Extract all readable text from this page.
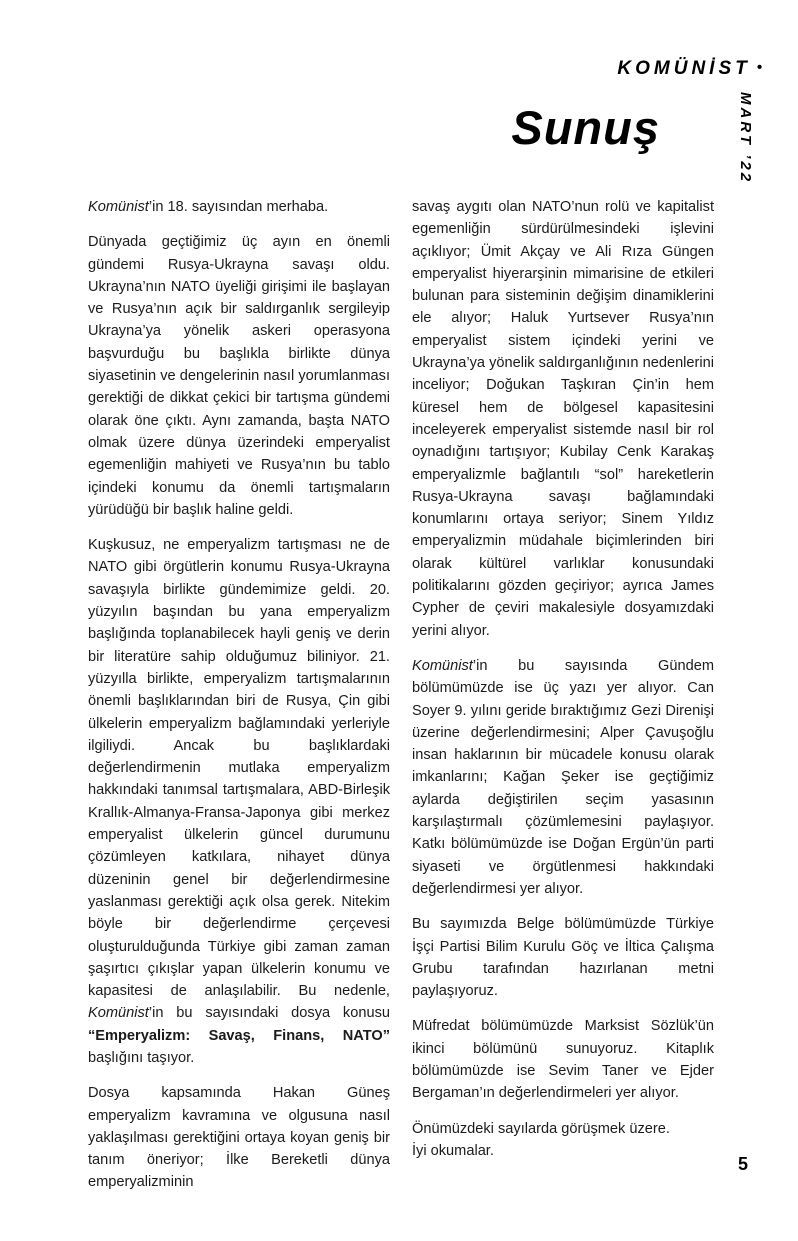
KOMÜNİST •
MART ’22
Sunuş

Komünist’in 18. sayısından merhaba.

Dünyada geçtiğimiz üç ayın en önemli gündemi Rusya-Ukrayna savaşı oldu. Ukrayna’nın NATO üyeliği girişimi ile başlayan ve Rusya’nın açık bir saldırganlık sergileyip Ukrayna’ya yönelik askeri operasyona başvurduğu bu başlıkla birlikte dünya siyasetinin ve dengelerinin nasıl yorumlanması gerektiği de dikkat çekici bir tartışma gündemi olarak öne çıktı. Aynı zamanda, başta NATO olmak üzere dünya üzerindeki emperyalist egemenliğin mahiyeti ve Rusya’nın bu tablo içindeki konumu da önemli tartışmaların yürüdüğü bir başlık haline geldi.

Kuşkusuz, ne emperyalizm tartışması ne de NATO gibi örgütlerin konumu Rusya-Ukrayna savaşıyla birlikte gündemimize geldi. 20. yüzyılın başından bu yana emperyalizm başlığında toplanabilecek hayli geniş ve derin bir literatüre sahip olduğumuz biliniyor. 21. yüzyılla birlikte, emperyalizm tartışmalarının önemli başlıklarından biri de Rusya, Çin gibi ülkelerin emperyalizm bağlamındaki yerleriyle ilgiliydi. Ancak bu başlıklardaki değerlendirmenin mutlaka emperyalizm hakkındaki tanımsal tartışmalara, ABD-Birleşik Krallık-Almanya-Fransa-Japonya gibi merkez emperyalist ülkelerin güncel durumunu çözümleyen katkılara, nihayet dünya düzeninin genel bir değerlendirmesine yaslanması gerektiği açık olsa gerek. Nitekim böyle bir değerlendirme çerçevesi oluşturulduğunda Türkiye gibi zaman zaman şaşırtıcı çıkışlar yapan ülkelerin konumu ve kapasitesi de anlaşılabilir. Bu nedenle, Komünist’in bu sayısındaki dosya konusu “Emperyalizm: Savaş, Finans, NATO” başlığını taşıyor.

Dosya kapsamında Hakan Güneş emperyalizm kavramına ve olgusuna nasıl yaklaşılması gerektiğini ortaya koyan geniş bir tanım öneriyor; İlke Bereketli dünya emperyalizminin

savaş aygıtı olan NATO’nun rolü ve kapitalist egemenliğin sürdürülmesindeki işlevini açıklıyor; Ümit Akçay ve Ali Rıza Güngen emperyalist hiyerarşinin mimarisine de etkileri bulunan para sisteminin değişim dinamiklerini ele alıyor; Haluk Yurtsever Rusya’nın emperyalist sistem içindeki yerini ve Ukrayna’ya yönelik saldırganlığının nedenlerini inceliyor; Doğukan Taşkıran Çin’in hem küresel hem de bölgesel kapasitesini inceleyerek emperyalist sistemde nasıl bir rol oynadığını tartışıyor; Kubilay Cenk Karakaş emperyalizmle bağlantılı “sol” hareketlerin Rusya-Ukrayna savaşı bağlamındaki konumlarını ortaya seriyor; Sinem Yıldız emperyalizmin müdahale biçimlerinden biri olarak kültürel varlıklar konusundaki politikalarını gözden geçiriyor; ayrıca James Cypher de çeviri makalesiyle dosyamızdaki yerini alıyor.

Komünist’in bu sayısında Gündem bölümümüzde ise üç yazı yer alıyor. Can Soyer 9. yılını geride bıraktığımız Gezi Direnişi üzerine değerlendirmesini; Alper Çavuşoğlu insan haklarının bir mücadele konusu olarak imkanlarını; Kağan Şeker ise geçtiğimiz aylarda değiştirilen seçim yasasının karşılaştırmalı çözümlemesini paylaşıyor. Katkı bölümümüzde ise Doğan Ergün’ün parti siyaseti ve örgütlenmesi hakkındaki değerlendirmesi yer alıyor.

Bu sayımızda Belge bölümümüzde Türkiye İşçi Partisi Bilim Kurulu Göç ve İltica Çalışma Grubu tarafından hazırlanan metni paylaşıyoruz.

Müfredat bölümümüzde Marksist Sözlük’ün ikinci bölümünü sunuyoruz. Kitaplık bölümümüzde ise Sevim Taner ve Ejder Bergaman’ın değerlendirmeleri yer alıyor.

Önümüzdeki sayılarda görüşmek üzere.
İyi okumalar.

5
